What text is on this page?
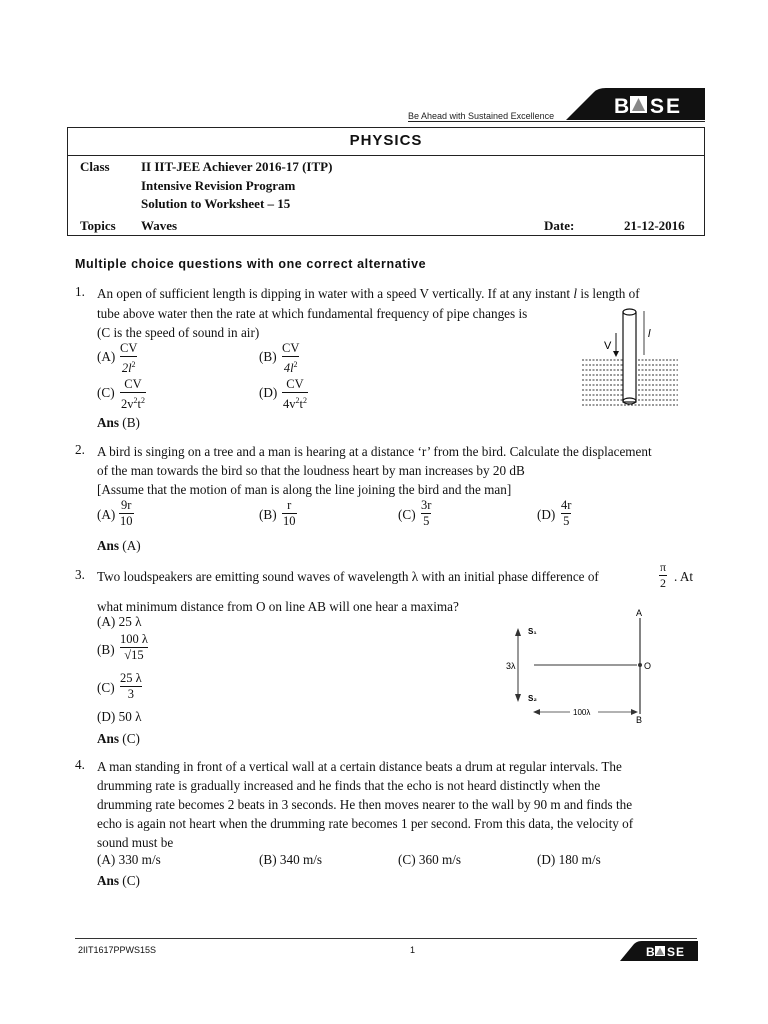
Be Ahead with Sustained Excellence	B S E
PHYSICS
Class II IIT-JEE Achiever 2016-17 (ITP)
Intensive Revision Program
Solution to Worksheet – 15
Topics Waves	Date:	21-12-2016
Multiple choice questions with one correct alternative
1. An open of sufficient length is dipping in water with a speed V vertically. If at any instant l is length of
tube above water then the rate at which fundamental frequency of pipe changes is
(C is the speed of sound in air)
$(A) \frac{CV}{2l^2}$	$(B) \frac{CV}{4l^2}$
$(C) \frac{CV}{2v^2t^2}$	$(D) \frac{CV}{4v^2t^2}$
Ans (B)
V
l
2. A bird is singing on a tree and a man is hearing at a distance ‘r’ from the bird. Calculate the displacement
of the man towards the bird so that the loudness heart by man increases by 20 dB
[Assume that the motion of man is along the line joining the bird and the man]
$(A) \frac{9r}{10}$	$(B) \frac{r}{10}$	$(C) \frac{3r}{5}$	$(D) \frac{4r}{5}$
Ans (A)
3. Two loudspeakers are emitting sound waves of wavelength λ with an initial phase difference of	$\frac{\pi}{2}$ . At
what minimum distance from O on line AB will one hear a maxima?
(A) 25 λ
$(B) \frac{100 \lambda}{√15}$
$(C) \frac{25 \lambda}{3}$
(D) 50 λ
Ans (C)
A
B
O
3λ
S₁
S₂
100λ
4. A man standing in front of a vertical wall at a certain distance beats a drum at regular intervals. The
drumming rate is gradually increased and he finds that the echo is not heard distinctly when the
drumming rate becomes 2 beats in 3 seconds. He then moves nearer to the wall by 90 m and finds the
echo is again not heart when the drumming rate becomes 1 per second. From this data, the velocity of
sound must be
(A) 330 m/s	(B) 340 m/s	(C) 360 m/s	(D) 180 m/s
Ans (C)
2IIT1617PPWS15S	1	B S E
